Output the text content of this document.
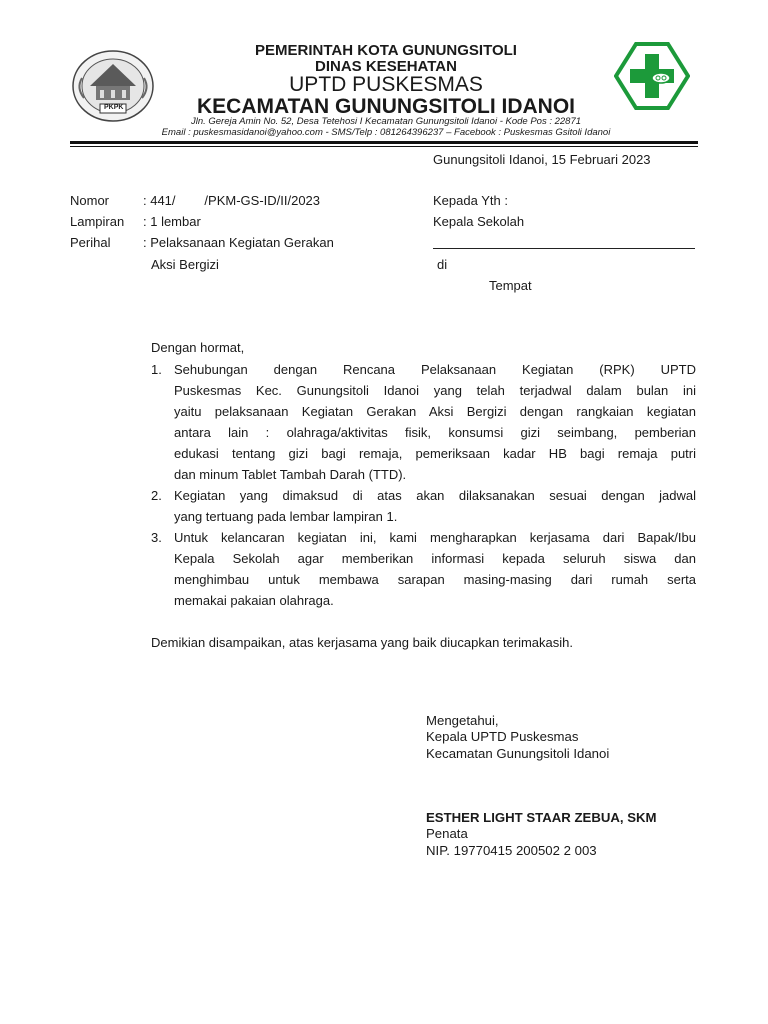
PKPK
PEMERINTAH KOTA GUNUNGSITOLI
DINAS KESEHATAN
UPTD PUSKESMAS
KECAMATAN GUNUNGSITOLI IDANOI
Jln. Gereja Amin No. 52, Desa Tetehosi I Kecamatan Gunungsitoli Idanoi - Kode Pos : 22871
Email : puskesmasidanoi@yahoo.com - SMS/Telp : 081264396237 – Facebook : Puskesmas Gsitoli Idanoi
Gunungsitoli Idanoi, 15 Februari 2023
Nomor	: 441/        /PKM-GS-ID/II/2023
Lampiran : 1 lembar
Perihal	: Pelaksanaan Kegiatan Gerakan
Aksi Bergizi
Kepada Yth :
Kepala Sekolah
di
Tempat
Dengan hormat,
1. Sehubungan dengan Rencana Pelaksanaan Kegiatan (RPK) UPTD
Puskesmas Kec. Gunungsitoli Idanoi yang telah terjadwal dalam bulan ini
yaitu pelaksanaan Kegiatan Gerakan Aksi Bergizi dengan rangkaian kegiatan
antara lain : olahraga/aktivitas fisik, konsumsi gizi seimbang, pemberian
edukasi tentang gizi bagi remaja, pemeriksaan kadar HB bagi remaja putri
dan minum Tablet Tambah Darah (TTD).
2. Kegiatan yang dimaksud di atas akan dilaksanakan sesuai dengan jadwal
yang tertuang pada lembar lampiran 1.
3. Untuk kelancaran kegiatan ini, kami mengharapkan kerjasama dari Bapak/Ibu
Kepala Sekolah agar memberikan informasi kepada seluruh siswa dan
menghimbau untuk membawa sarapan masing-masing dari rumah serta
memakai pakaian olahraga.
Demikian disampaikan, atas kerjasama yang baik diucapkan terimakasih.
Mengetahui,
Kepala UPTD Puskesmas
Kecamatan Gunungsitoli Idanoi
ESTHER LIGHT STAAR ZEBUA, SKM
Penata
NIP. 19770415 200502 2 003
